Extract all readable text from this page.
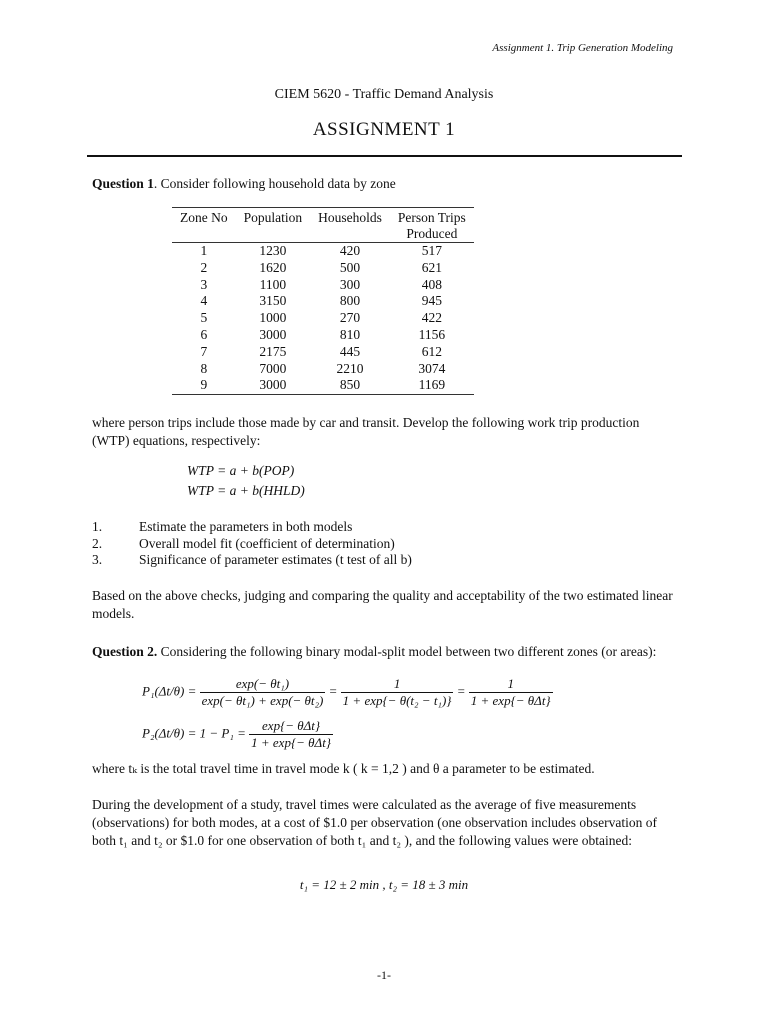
Assignment 1. Trip Generation Modeling
CIEM 5620 - Traffic Demand Analysis
ASSIGNMENT 1
Question 1. Consider following household data by zone
Zone No	Population	Households	Person Trips
Produced
1	1230	420	517
2	1620	500	621
3	1100	300	408
4	3150	800	945
5	1000	270	422
6	3000	810	1156
7	2175	445	612
8	7000	2210	3074
9	3000	850	1169
where person trips include those made by car and transit. Develop the following work trip production (WTP) equations, respectively:
WTP = a + b(POP)
WTP = a + b(HHLD)
1.	Estimate the parameters in both models
2.	Overall model fit (coefficient of determination)
3.	Significance of parameter estimates (t test of all b)
Based on the above checks, judging and comparing the quality and acceptability of the two estimated linear models.
Question 2. Considering the following binary modal-split model between two different zones (or areas):
$P_1(\Delta t/\theta) = \frac{\text{exp(− θt₁)}}{\text{exp(− θt₁) + exp(− θt₂)}} = \frac{1}{\text{1 + exp\{− θ(t₂ − t₁)\}}} = \frac{1}{\text{1 + exp\{− θΔt\}}}$
$P_2(\Delta t/\theta) = 1 - P_1 = \frac{\text{exp\{− θΔt\}}}{\text{1 + exp\{− θΔt\}}}$
where tₖ is the total travel time in travel mode k ( k = 1,2 ) and θ a parameter to be estimated.
During the development of a study, travel times were calculated as the average of five measurements (observations) for both modes, at a cost of $1.0 per observation (one observation includes observation of both t₁ and t₂ or $1.0 for one observation of both t₁ and t₂ ), and the following values were obtained:
t₁ = 12 ± 2 min , t₂ = 18 ± 3 min
-1-
